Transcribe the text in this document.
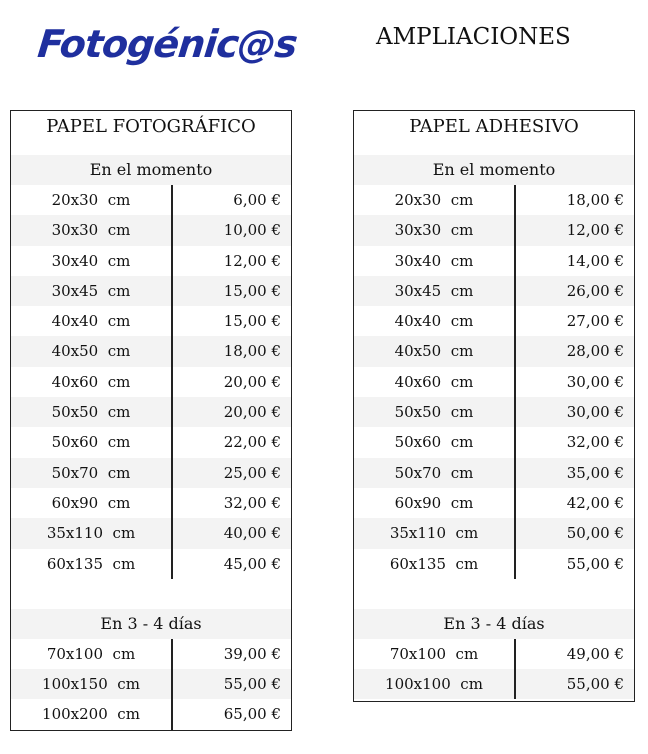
Fotogénic@s	AMPLIACIONES
PAPEL FOTOGRÁFICO
En el momento
20x30  cm	6,00 €
30x30  cm	10,00 €
30x40  cm	12,00 €
30x45  cm	15,00 €
40x40  cm	15,00 €
40x50  cm	18,00 €
40x60  cm	20,00 €
50x50  cm	20,00 €
50x60  cm	22,00 €
50x70  cm	25,00 €
60x90  cm	32,00 €
35x110  cm	40,00 €
60x135  cm	45,00 €
En 3 - 4 días
70x100  cm	39,00 €
100x150  cm	55,00 €
100x200  cm	65,00 €
PAPEL ADHESIVO
En el momento
20x30  cm	18,00 €
30x30  cm	12,00 €
30x40  cm	14,00 €
30x45  cm	26,00 €
40x40  cm	27,00 €
40x50  cm	28,00 €
40x60  cm	30,00 €
50x50  cm	30,00 €
50x60  cm	32,00 €
50x70  cm	35,00 €
60x90  cm	42,00 €
35x110  cm	50,00 €
60x135  cm	55,00 €
En 3 - 4 días
70x100  cm	49,00 €
100x100  cm	55,00 €
